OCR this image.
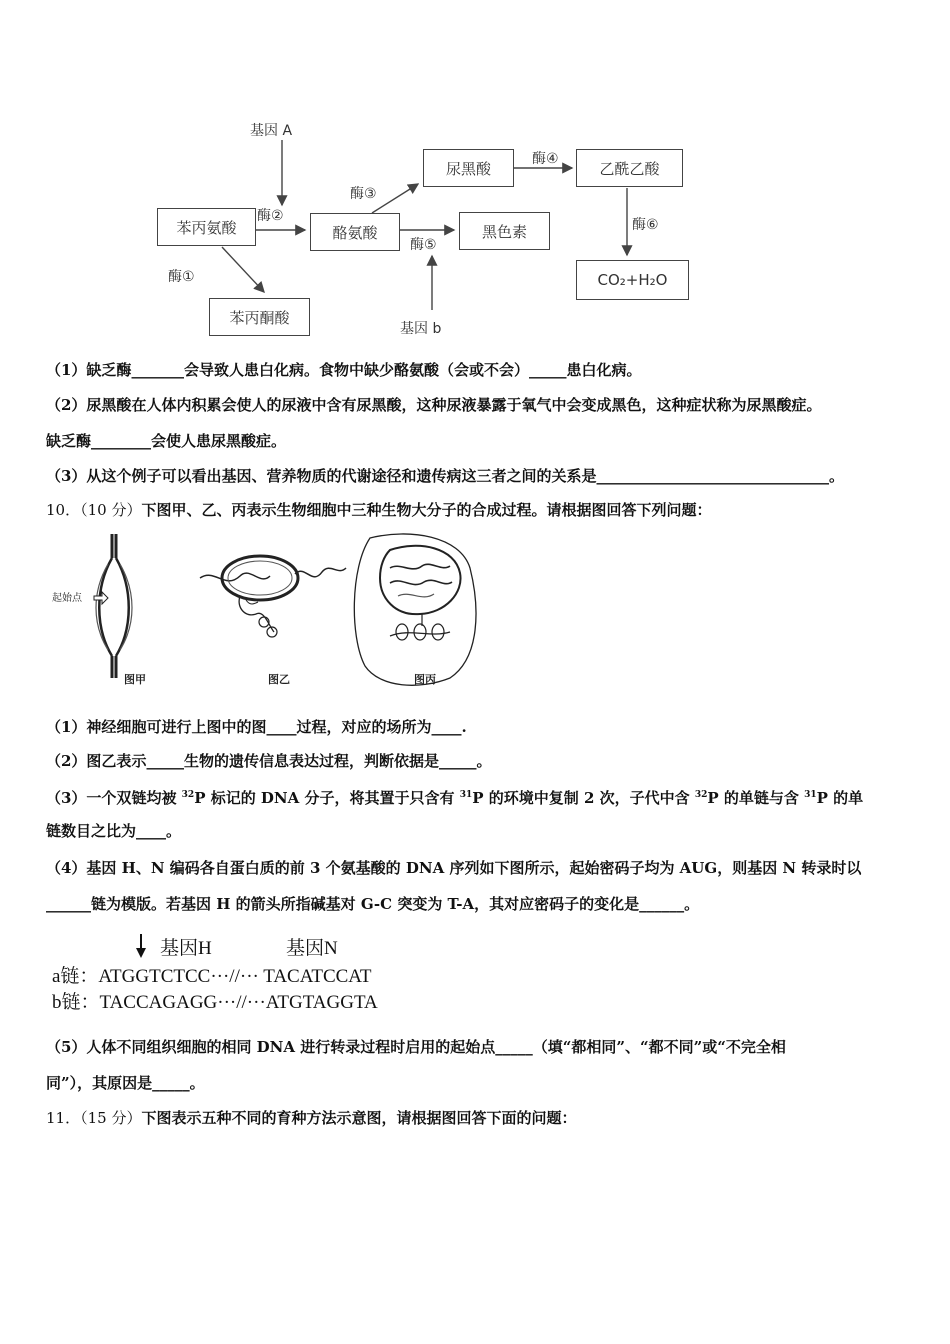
基因 A
酶②
酶③
酶①
酶⑤
基因 b
酶④
酶⑥
苯丙氨酸
苯丙酮酸
酪氨酸
尿黑酸
黑色素
乙酰乙酸
CO₂+H₂O
（1）缺乏酶_______会导致人患白化病。食物中缺少酪氨酸（会或不会）_____患白化病。
（2）尿黑酸在人体内积累会使人的尿液中含有尿黑酸，这种尿液暴露于氧气中会变成黑色，这种症状称为尿黑酸症。
缺乏酶________会使人患尿黑酸症。
（3）从这个例子可以看出基因、营养物质的代谢途径和遗传病这三者之间的关系是_______________________________。
10．（10 分）下图甲、乙、丙表示生物细胞中三种生物大分子的合成过程。请根据图回答下列问题：
起始点
图甲	图乙	图丙
（1）神经细胞可进行上图中的图____过程，对应的场所为____.
（2）图乙表示_____生物的遗传信息表达过程，判断依据是_____。
（3）一个双链均被 $^{32}$P 标记的 DNA 分子，将其置于只含有 $^{31}$P 的环境中复制 2 次，子代中含 $^{32}$P 的单链与含 $^{31}$P 的单
链数目之比为____。
（4）基因 H、N 编码各自蛋白质的前 3 个氨基酸的 DNA 序列如下图所示，起始密码子均为 AUG，则基因 N 转录时以
______链为模版。若基因 H 的箭头所指碱基对 G-C 突变为 T-A，其对应密码子的变化是______。
基因H	基因N
a链：ATGGTCTCC···//··· TACATCCAT
b链：TACCAGAGG···//···ATGTAGGTA
（5）人体不同组织细胞的相同 DNA 进行转录过程时启用的起始点_____（填“都相同”、“都不同”或“不完全相
同”），其原因是_____。
11．（15 分）下图表示五种不同的育种方法示意图，请根据图回答下面的问题：
